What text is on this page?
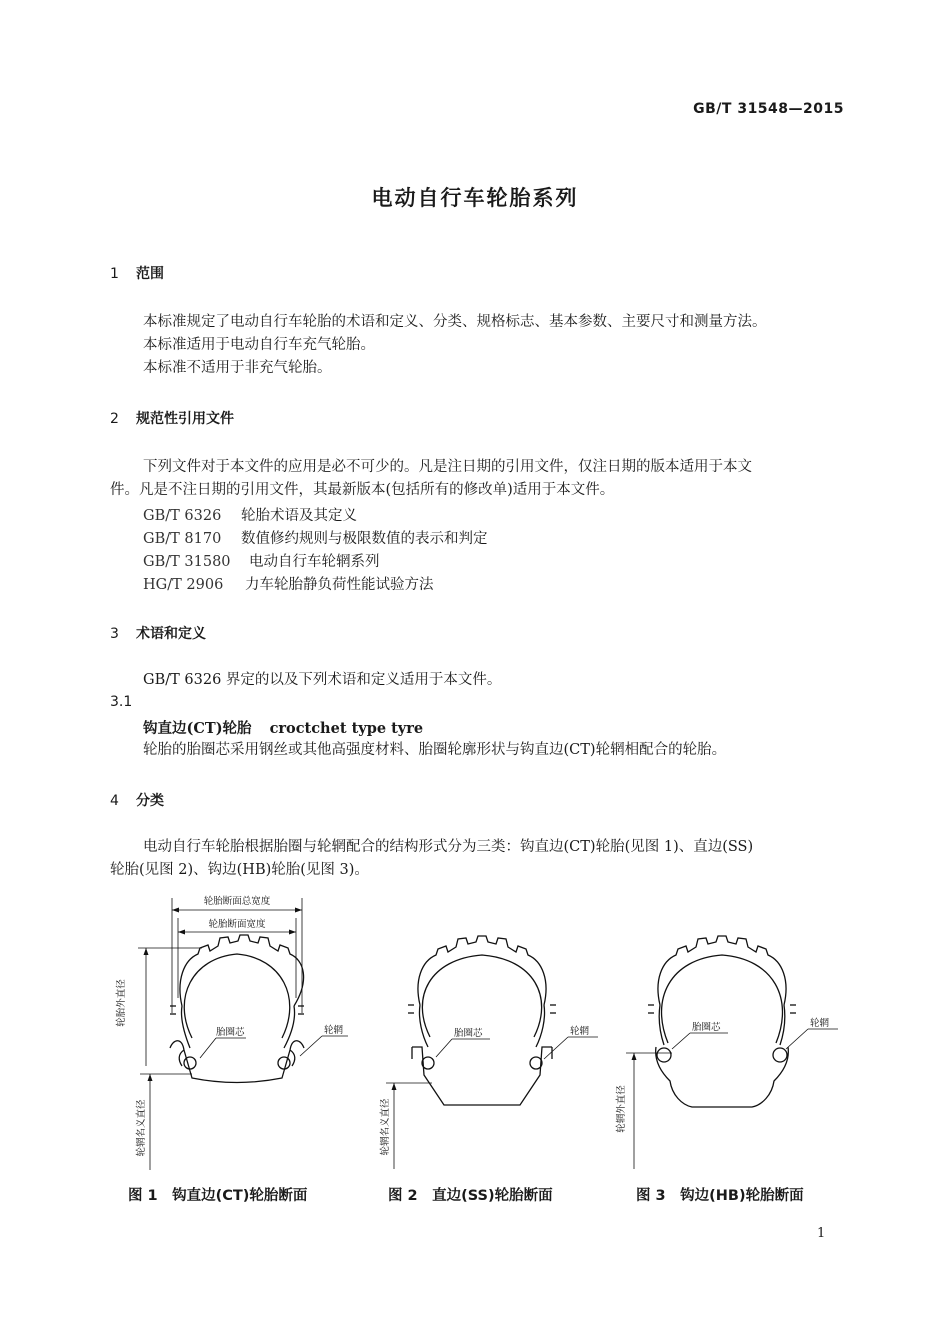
GB/T 31548—2015
电动自行车轮胎系列
1 范围
本标准规定了电动自行车轮胎的术语和定义、分类、规格标志、基本参数、主要尺寸和测量方法。
本标准适用于电动自行车充气轮胎。
本标准不适用于非充气轮胎。
2 规范性引用文件
下列文件对于本文件的应用是必不可少的。凡是注日期的引用文件，仅注日期的版本适用于本文
件。凡是不注日期的引用文件，其最新版本(包括所有的修改单)适用于本文件。
GB/T 6326 轮胎术语及其定义
GB/T 8170 数值修约规则与极限数值的表示和判定
GB/T 31580 电动自行车轮辋系列
HG/T 2906 力车轮胎静负荷性能试验方法
3 术语和定义
GB/T 6326 界定的以及下列术语和定义适用于本文件。
3.1
钩直边(CT)轮胎 croctchet type tyre
轮胎的胎圈芯采用钢丝或其他高强度材料、胎圈轮廓形状与钩直边(CT)轮辋相配合的轮胎。
4 分类
电动自行车轮胎根据胎圈与轮辋配合的结构形式分为三类：钩直边(CT)轮胎(见图 1)、直边(SS)
轮胎(见图 2)、钩边(HB)轮胎(见图 3)。
轮胎断面总宽度
轮胎断面宽度
轮胎外直径
胎圈芯	轮辋
轮辋名义直径
胎圈芯	轮辋
轮辋名义直径
胎圈芯	轮辋
轮辋外直径
图 1　钩直边(CT)轮胎断面	图 2　直边(SS)轮胎断面	图 3　钩边(HB)轮胎断面
1
